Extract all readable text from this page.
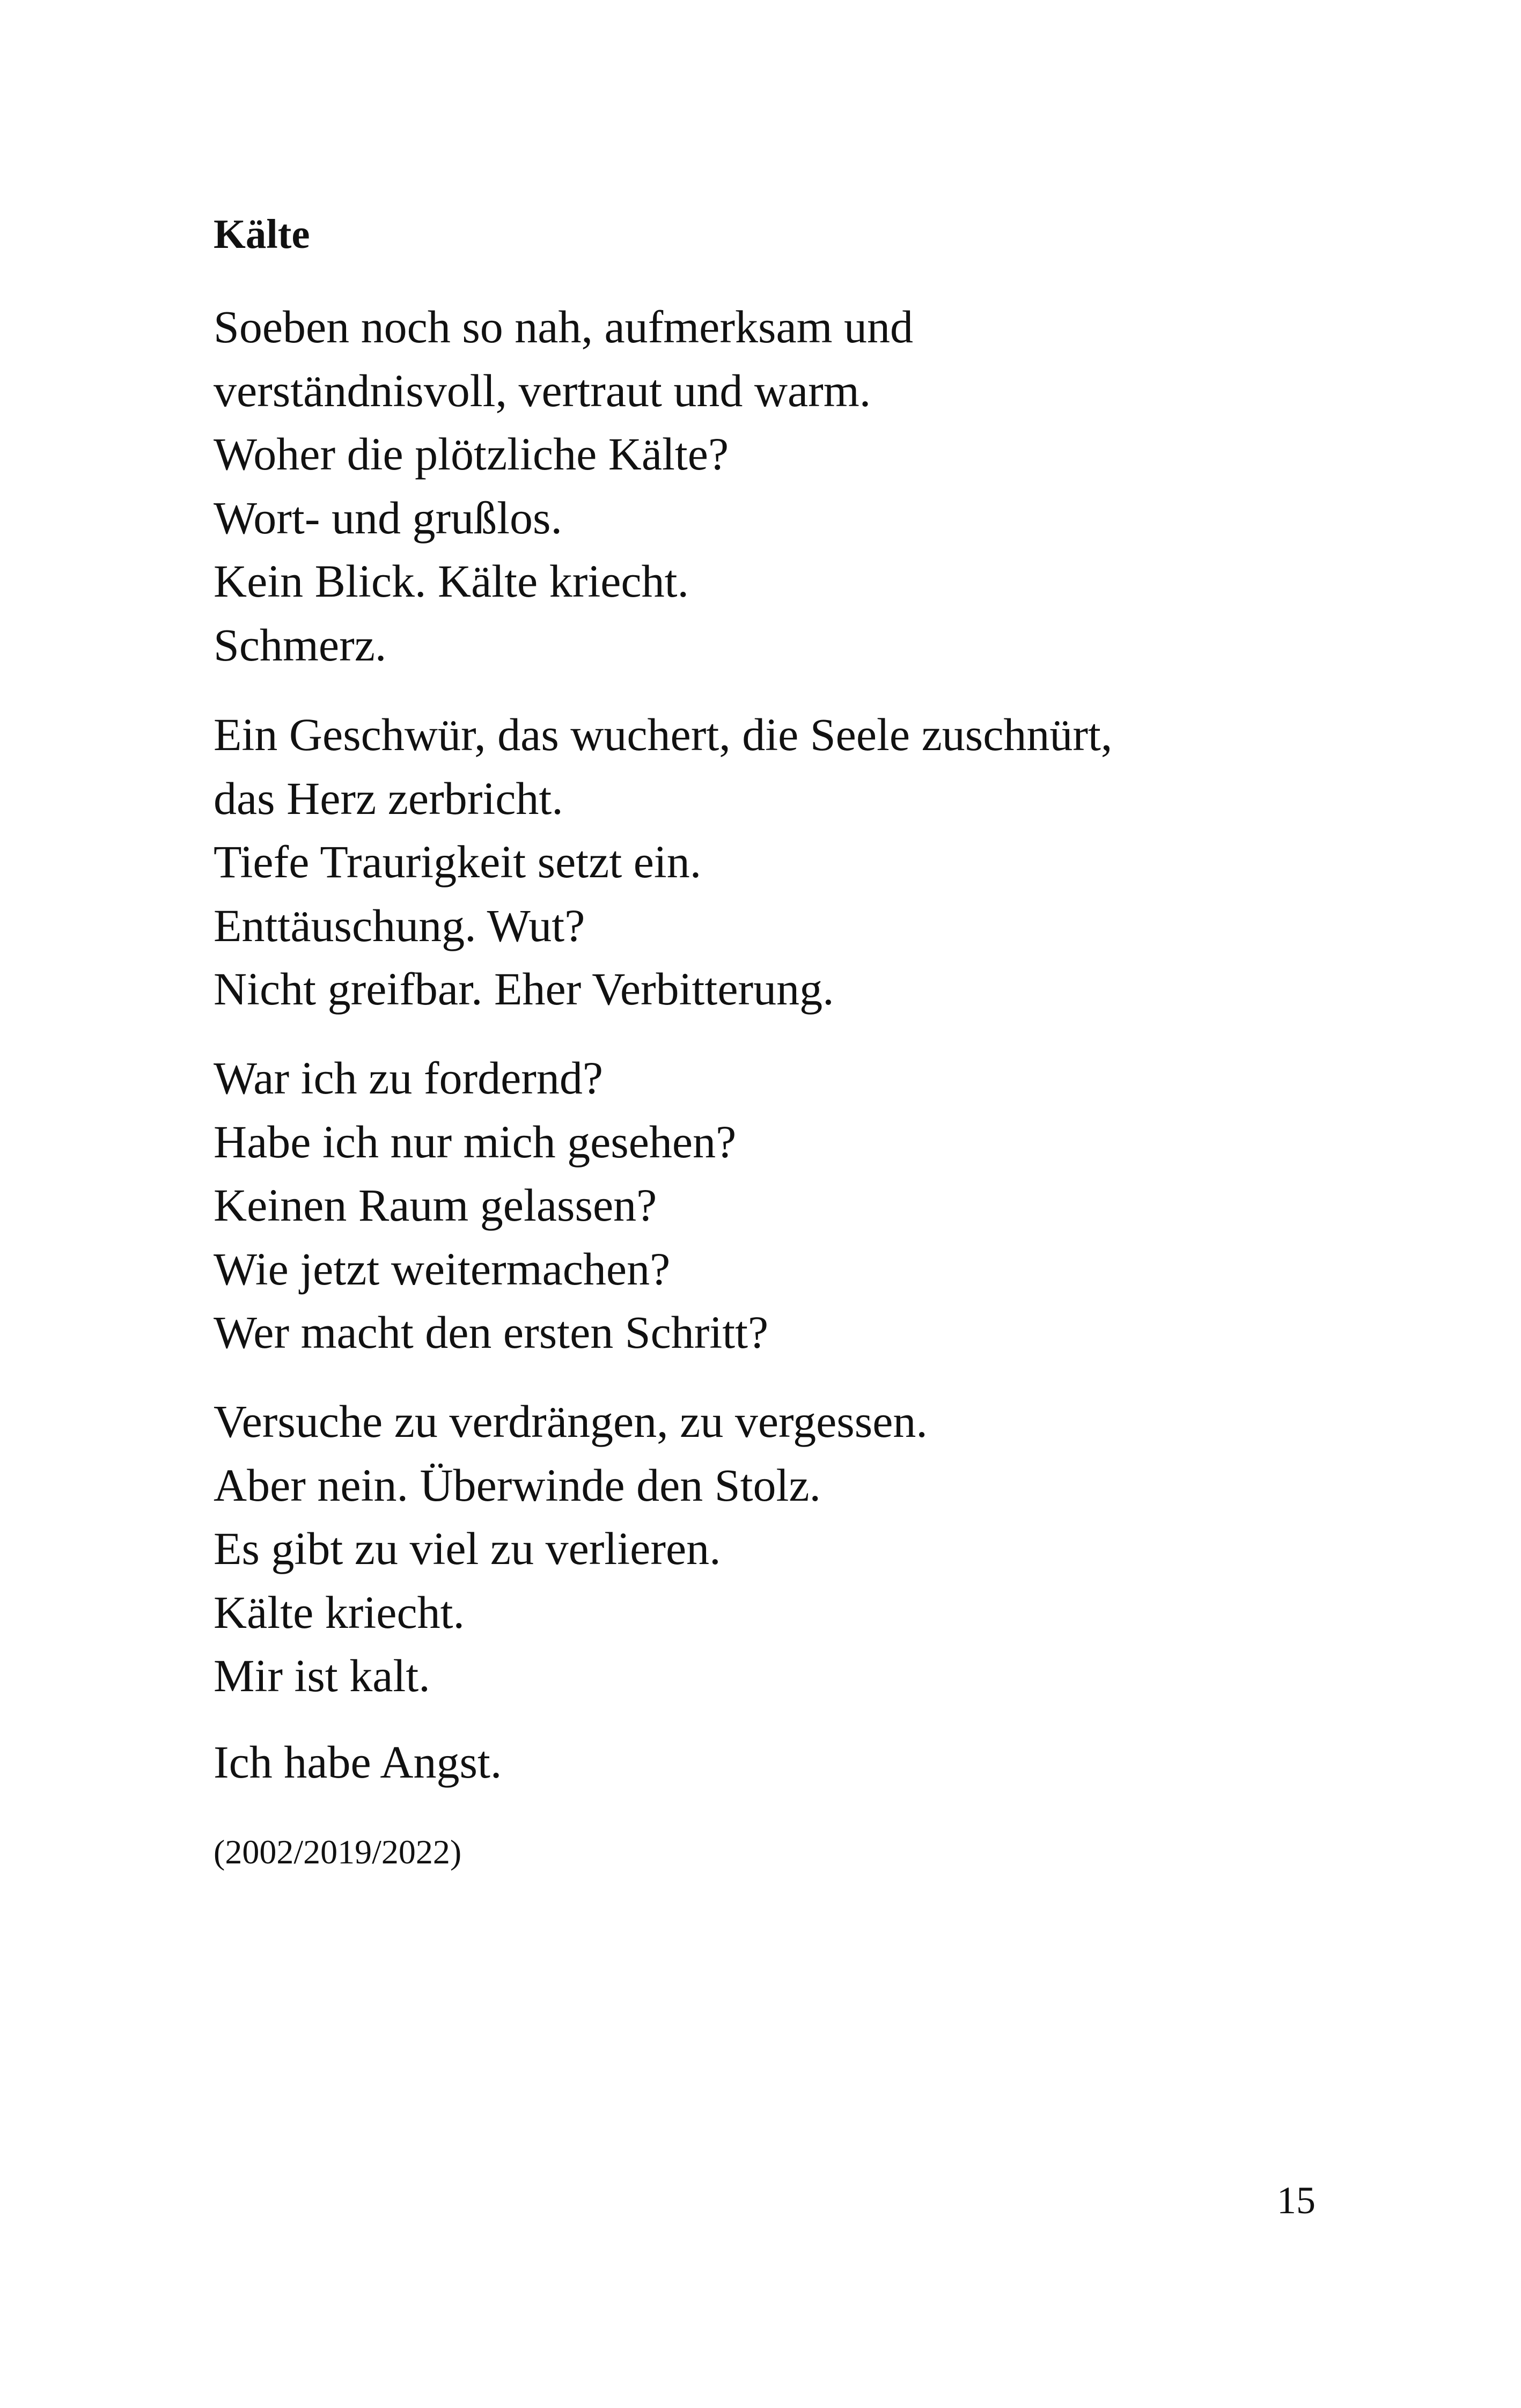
Kälte
Soeben noch so nah, aufmerksam und
verständnisvoll, vertraut und warm.
Woher die plötzliche Kälte?
Wort- und grußlos.
Kein Blick. Kälte kriecht.
Schmerz.
Ein Geschwür, das wuchert, die Seele zuschnürt,
das Herz zerbricht.
Tiefe Traurigkeit setzt ein.
Enttäuschung. Wut?
Nicht greifbar. Eher Verbitterung.
War ich zu fordernd?
Habe ich nur mich gesehen?
Keinen Raum gelassen?
Wie jetzt weitermachen?
Wer macht den ersten Schritt?
Versuche zu verdrängen, zu vergessen.
Aber nein. Überwinde den Stolz.
Es gibt zu viel zu verlieren.
Kälte kriecht.
Mir ist kalt.
Ich habe Angst.

(2002/2019/2022)

15
